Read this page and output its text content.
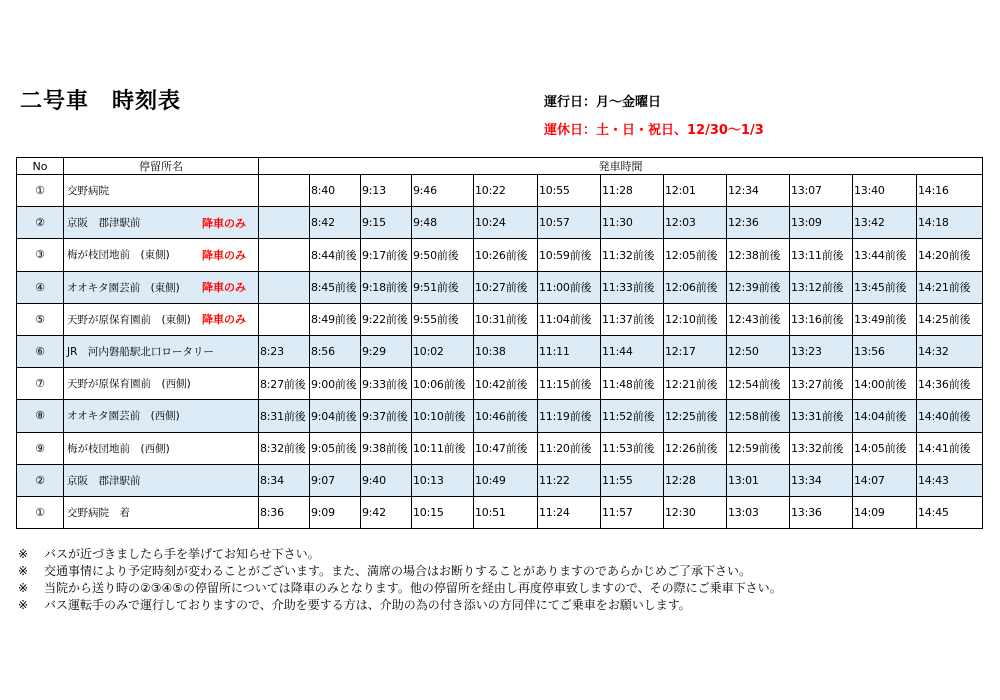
二号車　時刻表	運行日：月～金曜日
運休日：土・日・祝日、12/30～1/3
No	停留所名	発車時間											
①	交野病院		8:40	9:13	9:46	10:22	10:55	11:28	12:01	12:34	13:07	13:40	14:16
②	京阪　郡津駅前 降車のみ		8:42	9:15	9:48	10:24	10:57	11:30	12:03	12:36	13:09	13:42	14:18
③	梅が枝団地前　(東側) 降車のみ		8:44前後	9:17前後	9:50前後	10:26前後	10:59前後	11:32前後	12:05前後	12:38前後	13:11前後	13:44前後	14:20前後
④	オオキタ園芸前　(東側) 降車のみ		8:45前後	9:18前後	9:51前後	10:27前後	11:00前後	11:33前後	12:06前後	12:39前後	13:12前後	13:45前後	14:21前後
⑤	天野が原保育園前　(東側) 降車のみ		8:49前後	9:22前後	9:55前後	10:31前後	11:04前後	11:37前後	12:10前後	12:43前後	13:16前後	13:49前後	14:25前後
⑥	JR　河内磐船駅北口ロータリー	8:23	8:56	9:29	10:02	10:38	11:11	11:44	12:17	12:50	13:23	13:56	14:32
⑦	天野が原保育園前　(西側)	8:27前後	9:00前後	9:33前後	10:06前後	10:42前後	11:15前後	11:48前後	12:21前後	12:54前後	13:27前後	14:00前後	14:36前後
⑧	オオキタ園芸前　(西側)	8:31前後	9:04前後	9:37前後	10:10前後	10:46前後	11:19前後	11:52前後	12:25前後	12:58前後	13:31前後	14:04前後	14:40前後
⑨	梅が枝団地前　(西側)	8:32前後	9:05前後	9:38前後	10:11前後	10:47前後	11:20前後	11:53前後	12:26前後	12:59前後	13:32前後	14:05前後	14:41前後
②	京阪　郡津駅前	8:34	9:07	9:40	10:13	10:49	11:22	11:55	12:28	13:01	13:34	14:07	14:43
①	交野病院　着	8:36	9:09	9:42	10:15	10:51	11:24	11:57	12:30	13:03	13:36	14:09	14:45
※ バスが近づきましたら手を挙げてお知らせ下さい。
※ 交通事情により予定時刻が変わることがございます。また、満席の場合はお断りすることがありますのであらかじめご了承下さい。
※ 当院から送り時の②③④⑤の停留所については降車のみとなります。他の停留所を経由し再度停車致しますので、その際にご乗車下さい。
※ バス運転手のみで運行しておりますので、介助を要する方は、介助の為の付き添いの方同伴にてご乗車をお願いします。
